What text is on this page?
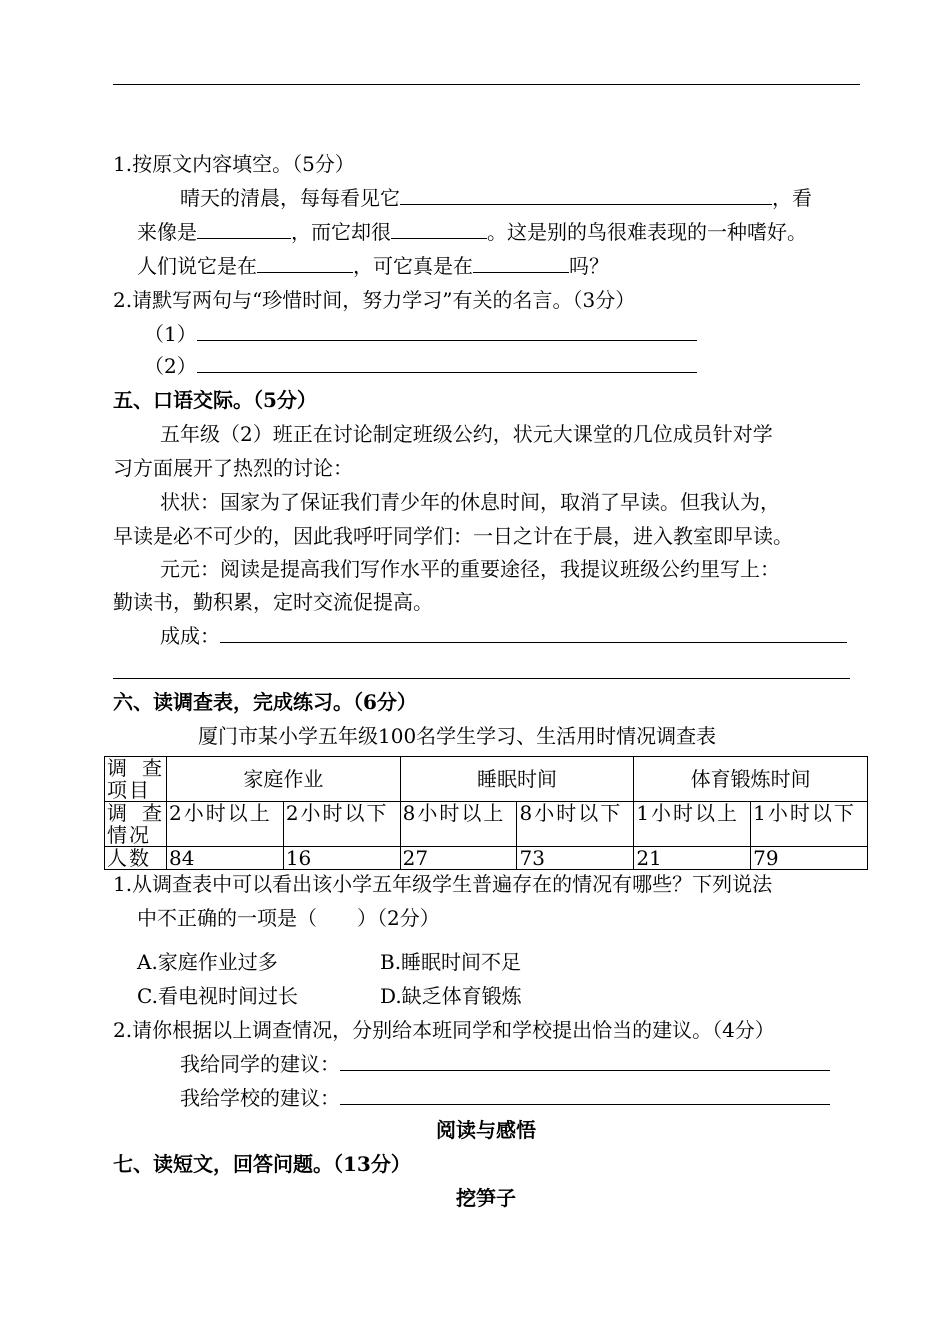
1.按原文内容填空。（5分）
晴天的清晨，每每看见它	，看
来像是	，而它却很	。这是别的鸟很难表现的一种嗜好。
人们说它是在	，可它真是在	吗？
2.请默写两句与“珍惜时间，努力学习”有关的名言。（3分）
（1）
（2）
五、口语交际。（5分）
五年级（2）班正在讨论制定班级公约，状元大课堂的几位成员针对学
习方面展开了热烈的讨论：
状状：国家为了保证我们青少年的休息时间，取消了早读。但我认为，
早读是必不可少的，因此我呼吁同学们：一日之计在于晨，进入教室即早读。
元元：阅读是提高我们写作水平的重要途径，我提议班级公约里写上：
勤读书，勤积累，定时交流促提高。
成成：
六、读调查表，完成练习。（6分）
厦门市某小学五年级100名学生学习、生活用时情况调查表
调查项目	家庭作业		睡眠时间		体育锻炼时间	
调查情况	2小时以上	2小时以下	8小时以上	8小时以下	1小时以上	1小时以下
人数	84	16	27	73	21	79
1.从调查表中可以看出该小学五年级学生普遍存在的情况有哪些？下列说法
中不正确的一项是（　　）（2分）
A.家庭作业过多	B.睡眠时间不足
C.看电视时间过长	D.缺乏体育锻炼
2.请你根据以上调查情况，分别给本班同学和学校提出恰当的建议。（4分）
我给同学的建议：
我给学校的建议：
阅读与感悟
七、读短文，回答问题。（13分）
挖笋子
